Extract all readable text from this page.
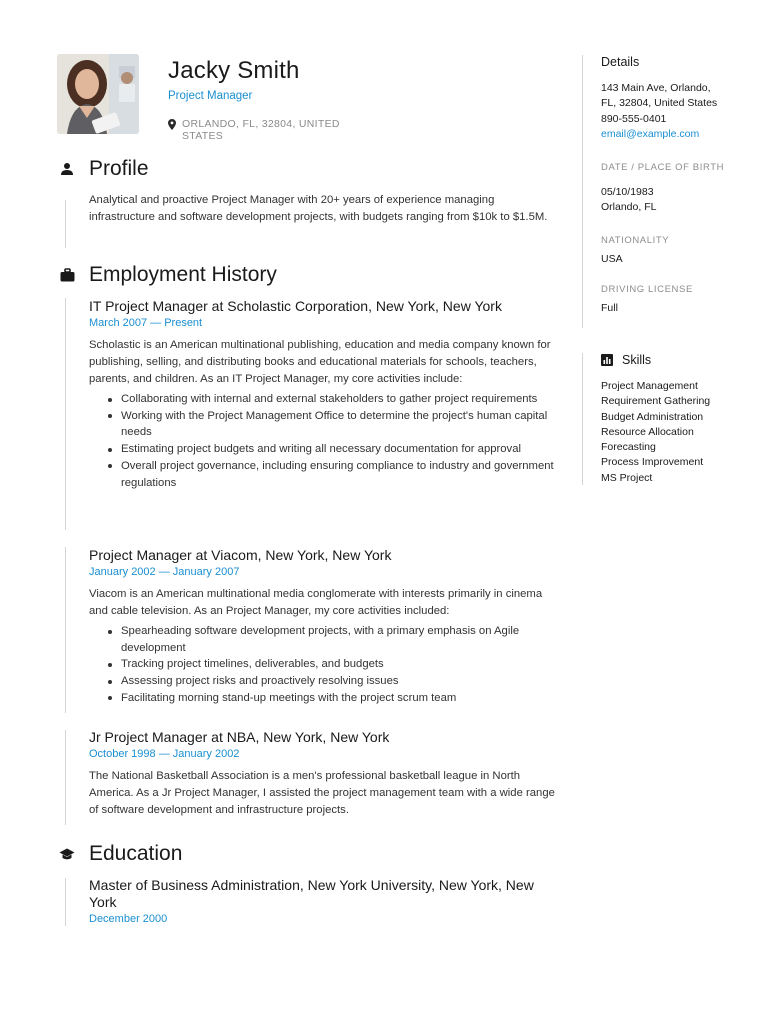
Jacky Smith
Project Manager
ORLANDO, FL, 32804, UNITED STATES
Profile

Analytical and proactive Project Manager with 20+ years of experience managing infrastructure and software development projects, with budgets ranging from $10k to $1.5M.

Employment History
IT Project Manager at Scholastic Corporation, New York, New York
March 2007 — Present

Scholastic is an American multinational publishing, education and media company known for publishing, selling, and distributing books and educational materials for schools, teachers, parents, and children. As an IT Project Manager, my core activities include:

Collaborating with internal and external stakeholders to gather project requirements
Working with the Project Management Office to determine the project's human capital needs
Estimating project budgets and writing all necessary documentation for approval
Overall project governance, including ensuring compliance to industry and government regulations
Project Manager at Viacom, New York, New York
January 2002 — January 2007

Viacom is an American multinational media conglomerate with interests primarily in cinema and cable television. As an Project Manager, my core activities included:

Spearheading software development projects, with a primary emphasis on Agile development
Tracking project timelines, deliverables, and budgets
Assessing project risks and proactively resolving issues
Facilitating morning stand-up meetings with the project scrum team
Jr Project Manager at NBA, New York, New York
October 1998 — January 2002

The National Basketball Association is a men's professional basketball league in North America. As a Jr Project Manager, I assisted the project management team with a wide range of software development and infrastructure projects.

Education
Master of Business Administration, New York University, New York, New York
December 2000
Details
143 Main Ave, Orlando, FL, 32804, United States
890-555-0401
email@example.com
DATE / PLACE OF BIRTH
05/10/1983
Orlando, FL
NATIONALITY
USA
DRIVING LICENSE
Full
Skills
Project Management
Requirement Gathering
Budget Administration
Resource Allocation
Forecasting
Process Improvement
MS Project
